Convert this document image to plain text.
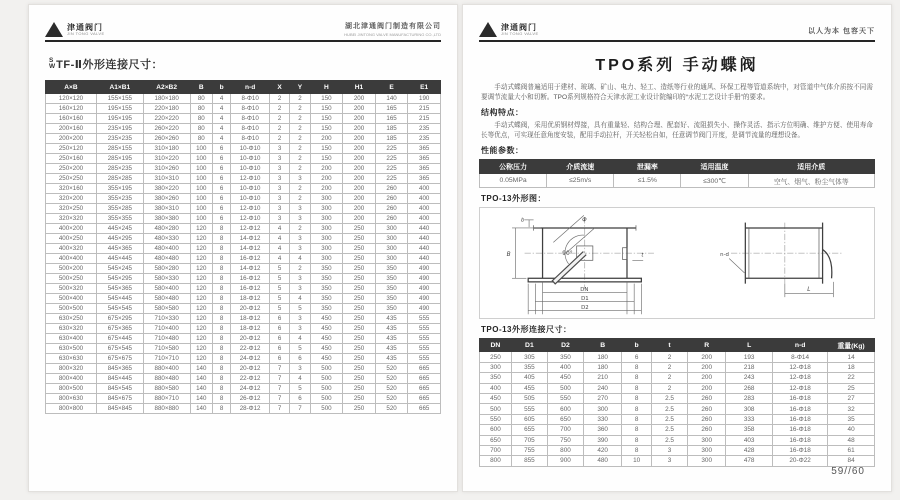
津通阀门
JIN TONG VALVE
湖北津通阀门制造有限公司
HUBEI JINTONG VALVE MANUFACTURING CO.,LTD
S
W TF-Ⅱ外形连接尺寸：
A×B	A1×B1	A2×B2	B	b	n-d	X	Y	H	H1	E	E1
120×120	155×155	180×180	80	4	8-Φ10	2	2	150	200	140	190
160×120	195×155	220×180	80	4	8-Φ10	2	2	150	200	165	215
160×160	195×195	220×220	80	4	8-Φ10	2	2	150	200	165	215
200×160	235×195	260×220	80	4	8-Φ10	2	2	150	200	185	235
200×200	235×235	260×260	80	4	8-Φ10	2	2	200	200	185	235
250×120	285×155	310×180	100	6	10-Φ10	3	2	150	200	225	365
250×160	285×195	310×220	100	6	10-Φ10	3	2	150	200	225	365
250×200	285×235	310×260	100	6	10-Φ10	3	2	200	200	225	365
250×250	285×285	310×310	100	6	12-Φ10	3	3	200	200	225	365
320×160	355×195	380×220	100	6	10-Φ10	3	2	200	200	260	400
320×200	355×235	380×260	100	6	10-Φ10	3	2	300	200	260	400
320×250	355×285	380×310	100	6	12-Φ10	3	3	300	200	260	400
320×320	355×355	380×380	100	6	12-Φ10	3	3	300	200	260	400
400×200	445×245	480×280	120	8	12-Φ12	4	2	300	250	300	440
400×250	445×295	480×330	120	8	14-Φ12	4	3	300	250	300	440
400×320	445×365	480×400	120	8	14-Φ12	4	3	300	250	300	440
400×400	445×445	480×480	120	8	16-Φ12	4	4	300	250	300	440
500×200	545×245	580×280	120	8	14-Φ12	5	2	350	250	350	490
500×250	545×295	580×330	120	8	16-Φ12	5	3	350	250	350	490
500×320	545×365	580×400	120	8	16-Φ12	5	3	350	250	350	490
500×400	545×445	580×480	120	8	18-Φ12	5	4	350	250	350	490
500×500	545×545	580×580	120	8	20-Φ12	5	5	350	250	350	490
630×250	675×295	710×330	120	8	18-Φ12	6	3	450	250	435	555
630×320	675×365	710×400	120	8	18-Φ12	6	3	450	250	435	555
630×400	675×445	710×480	120	8	20-Φ12	6	4	450	250	435	555
630×500	675×545	710×580	120	8	22-Φ12	6	5	450	250	435	555
630×630	675×675	710×710	120	8	24-Φ12	6	6	450	250	435	555
800×320	845×365	880×400	140	8	20-Φ12	7	3	500	250	520	665
800×400	845×445	880×480	140	8	22-Φ12	7	4	500	250	520	665
800×500	845×545	880×580	140	8	24-Φ12	7	5	500	250	520	665
800×630	845×675	880×710	140	8	26-Φ12	7	6	500	250	520	665
800×800	845×845	880×880	140	8	28-Φ12	7	7	500	250	520	665
津通阀门
JIN TONG VALVE	以人为本 包容天下
TPO系列 手动蝶阀

手动式蝶阀普遍适用于建材、玻璃、矿山、电力、轻工、造纸等行业的通风、环保工程等管道系统中，对管道中气体介质按不同需要调节流量大小和切断。TPO系列规格符合天津水泥工业设计院编印的“水泥工艺设计手册”的要求。

结构特点：

手动式蝶阀，采用优质钢材焊接，具有重量轻、结构合理、配套好、流阻损失小、操作灵活、指示方位明确、维护方便、使用寿命长等优点，可实现任意角度安装，配用手动拉杆，开关轻松自如，任意调节阀门开度，是调节流量的理想设备。

性能参数：
公称压力	介质流速	泄漏率	适用温度	适用介质
0.05MPa	≤25m/s	≤1.5%	≤300℃	空气、烟气、粉尘气体等
TPO-13外形图：
90°
Φ
b
B	t
DN
D1
D2
n-d
L
TPO-13外形连接尺寸：
DN	D1	D2	B	b	t	R	L	n-d	重量(Kg)
250	305	350	180	6	2	200	193	8-Φ14	14
300	355	400	180	8	2	200	218	12-Φ18	18
350	405	450	210	8	2	200	243	12-Φ18	22
400	455	500	240	8	2	200	268	12-Φ18	25
450	505	550	270	8	2.5	260	283	16-Φ18	27
500	555	600	300	8	2.5	260	308	16-Φ18	32
550	605	650	330	8	2.5	260	333	16-Φ18	35
600	655	700	360	8	2.5	260	358	16-Φ18	40
650	705	750	390	8	2.5	300	403	16-Φ18	48
700	755	800	420	8	3	300	428	16-Φ18	61
800	855	900	480	10	3	300	478	20-Φ22	84
59//60
